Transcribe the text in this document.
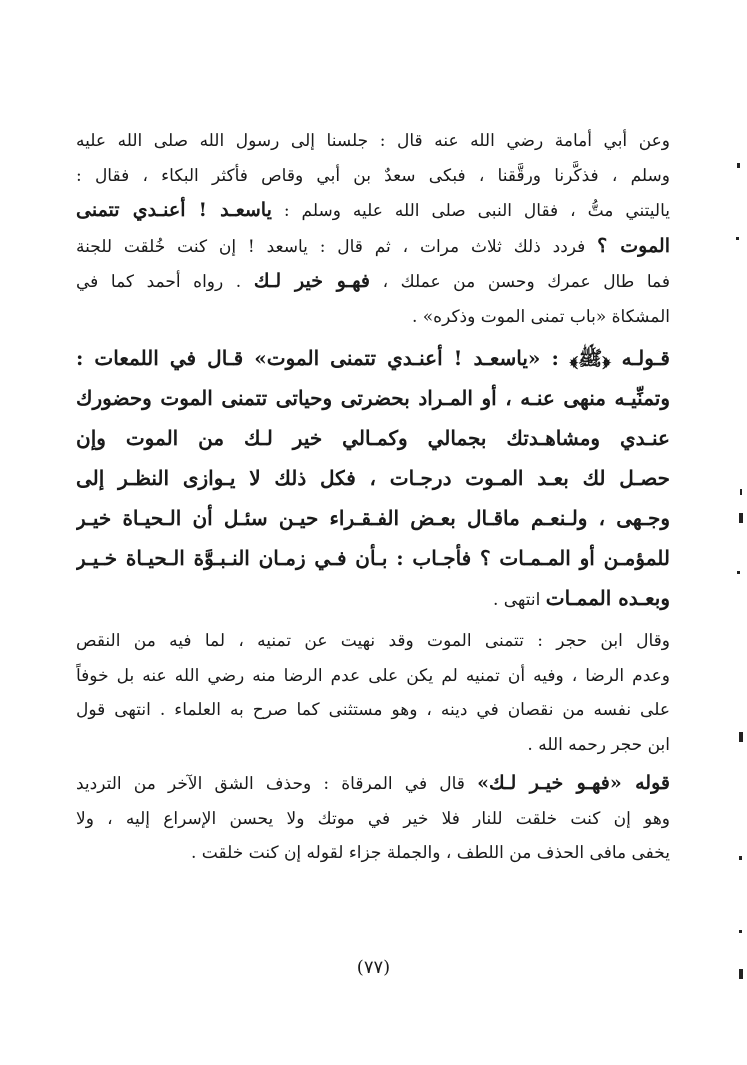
وعن أبي أمامة رضي الله عنه قال : جلسنا إلى رسول الله صلى الله عليه
وسلم ، فذكَّرنا ورقَّقنا ، فبكى سعدٌ بن أبي وقاص فأكثر البكاء ، فقال :
ياليتني متُّ ، فقال النبى صلى الله عليه وسلم : ياسعـد ! أعنـدي تتمنى
الموت ؟ فردد ذلك ثلاث مرات ، ثم قال : ياسعد ! إن كنت خُلقت للجنة
فما طال عمرك وحسن من عملك ، فهـو خير لـك . رواه أحمد كما في
المشكاة «باب تمنى الموت وذكره» .
قـولـه ﴿ﷺ﴾ : «ياسعـد ! أعنـدي تتمنى الموت» قـال في اللمعات :
وتمنِّيـه منهى عنـه ، أو المـراد بحضرتى وحياتى تتمنى الموت وحضورك
عنـدي ومشاهـدتك بجمالي وكمـالي خير لـك من الموت وإن
حصـل لك بعـد المـوت درجـات ، فكل ذلك لا يـوازى النظـر إلى
وجـهى ، ولـنعـم ماقـال بعـض الفـقـراء حيـن سئـل أن الـحيـاة خيـر
للمؤمـن أو المـمـات ؟ فأجـاب : بـأن فـي زمـان النـبـوَّة الـحيـاة خـيـر
وبعـده الممـات انتهى .
وقال ابن حجر : تتمنى الموت وقد نهيت عن تمنيه ، لما فيه من النقص
وعدم الرضا ، وفيه أن تمنيه لم يكن على عدم الرضا منه رضي الله عنه بل خوفاً
على نفسه من نقصان في دينه ، وهو مستثنى كما صرح به العلماء . انتهى قول
ابن حجر رحمه الله .
قوله «فهـو خيـر لـك» قال في المرقاة : وحذف الشق الآخر من الترديد
وهو إن كنت خلقت للنار فلا خير في موتك ولا يحسن الإسراع إليه ، ولا
يخفى مافى الحذف من اللطف ، والجملة جزاء لقوله إن كنت خلقت .
(٧٧)
